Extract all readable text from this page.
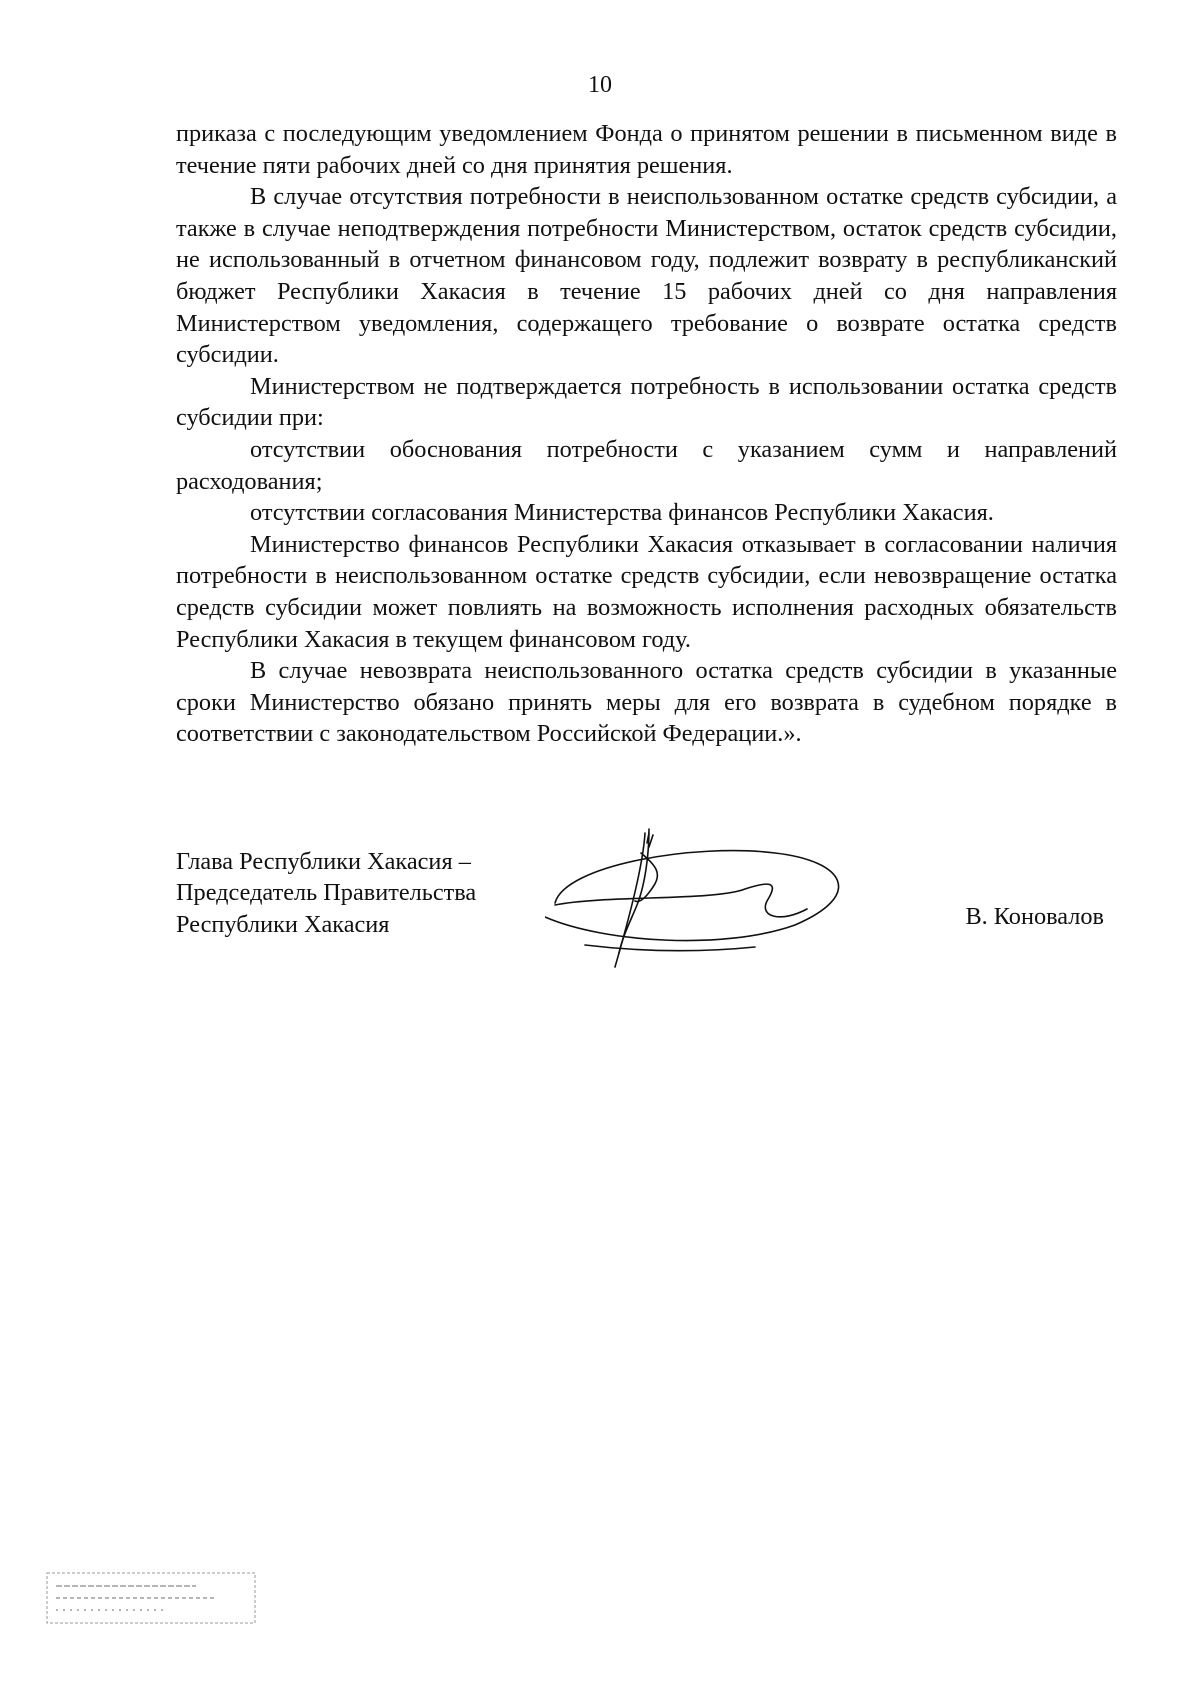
10

приказа с последующим уведомлением Фонда о принятом решении в письменном виде в течение пяти рабочих дней со дня принятия решения.

В случае отсутствия потребности в неиспользованном остатке средств субсидии, а также в случае неподтверждения потребности Министерством, остаток средств субсидии, не использованный в отчетном финансовом году, подлежит возврату в республиканский бюджет Республики Хакасия в течение 15 рабочих дней со дня направления Министерством уведомления, содержащего требование о возврате остатка средств субсидии.

Министерством не подтверждается потребность в использовании остатка средств субсидии при:

отсутствии обоснования потребности с указанием сумм и направлений расходования;

отсутствии согласования Министерства финансов Республики Хакасия.

Министерство финансов Республики Хакасия отказывает в согласовании наличия потребности в неиспользованном остатке средств субсидии, если невозвращение остатка средств субсидии может повлиять на возможность исполнения расходных обязательств Республики Хакасия в текущем финансовом году.

В случае невозврата неиспользованного остатка средств субсидии в указанные сроки Министерство обязано принять меры для его возврата в судебном порядке в соответствии с законодательством Российской Федерации.».

Глава Республики Хакасия –
Председатель Правительства
Республики Хакасия	В. Коновалов
